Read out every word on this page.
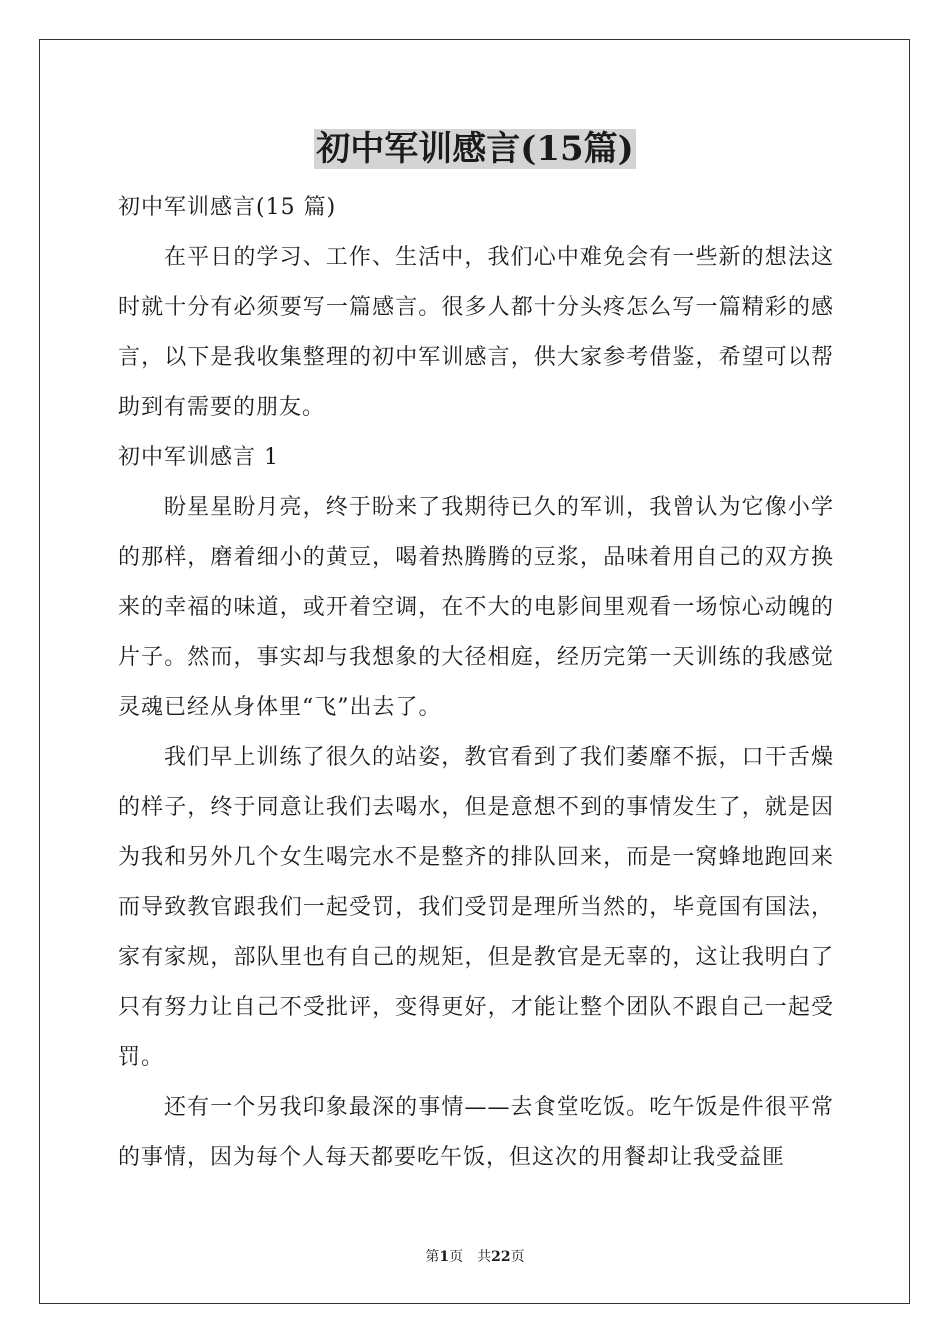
初中军训感言(15篇)

初中军训感言(15 篇)

在平日的学习、工作、生活中，我们心中难免会有一些新的想法这时就十分有必须要写一篇感言。很多人都十分头疼怎么写一篇精彩的感言，以下是我收集整理的初中军训感言，供大家参考借鉴，希望可以帮助到有需要的朋友。

初中军训感言 1

盼星星盼月亮，终于盼来了我期待已久的军训，我曾认为它像小学的那样，磨着细小的黄豆，喝着热腾腾的豆浆，品味着用自己的双方换来的幸福的味道，或开着空调，在不大的电影间里观看一场惊心动魄的片子。然而，事实却与我想象的大径相庭，经历完第一天训练的我感觉灵魂已经从身体里“飞”出去了。

我们早上训练了很久的站姿，教官看到了我们萎靡不振，口干舌燥的样子，终于同意让我们去喝水，但是意想不到的事情发生了，就是因为我和另外几个女生喝完水不是整齐的排队回来，而是一窝蜂地跑回来而导致教官跟我们一起受罚，我们受罚是理所当然的，毕竟国有国法，家有家规，部队里也有自己的规矩，但是教官是无辜的，这让我明白了只有努力让自己不受批评，变得更好，才能让整个团队不跟自己一起受罚。

还有一个另我印象最深的事情——去食堂吃饭。吃午饭是件很平常的事情，因为每个人每天都要吃午饭，但这次的用餐却让我受益匪

第1页 共22页
